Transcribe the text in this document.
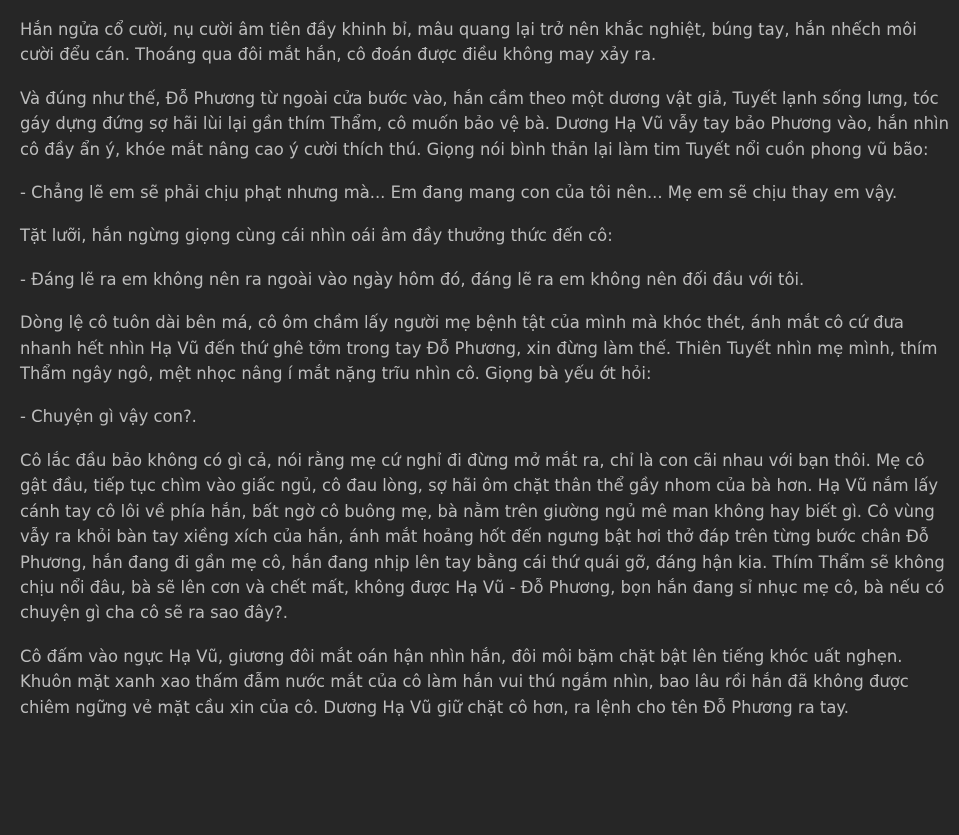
Hắn ngửa cổ cười, nụ cười âm tiên đầy khinh bỉ, mâu quang lại trở nên khắc nghiệt, búng tay, hắn nhếch môi cười đểu cán. Thoáng qua đôi mắt hắn, cô đoán được điều không may xảy ra.

Và đúng như thế, Đỗ Phương từ ngoài cửa bước vào, hắn cầm theo một dương vật giả, Tuyết lạnh sống lưng, tóc gáy dựng đứng sợ hãi lùi lại gần thím Thẩm, cô muốn bảo vệ bà. Dương Hạ Vũ vẫy tay bảo Phương vào, hắn nhìn cô đầy ẩn ý, khóe mắt nâng cao ý cười thích thú. Giọng nói bình thản lại làm tim Tuyết nổi cuồn phong vũ bão:

- Chẳng lẽ em sẽ phải chịu phạt nhưng mà... Em đang mang con của tôi nên... Mẹ em sẽ chịu thay em vậy.

Tặt lưỡi, hắn ngừng giọng cùng cái nhìn oái âm đầy thưởng thức đến cô:

- Đáng lẽ ra em không nên ra ngoài vào ngày hôm đó, đáng lẽ ra em không nên đối đầu với tôi.

Dòng lệ cô tuôn dài bên má, cô ôm chầm lấy người mẹ bệnh tật của mình mà khóc thét, ánh mắt cô cứ đưa nhanh hết nhìn Hạ Vũ đến thứ ghê tởm trong tay Đỗ Phương, xin đừng làm thế. Thiên Tuyết nhìn mẹ mình, thím Thẩm ngây ngô, mệt nhọc nâng í mắt nặng trĩu nhìn cô. Giọng bà yếu ớt hỏi:

- Chuyện gì vậy con?.

Cô lắc đầu bảo không có gì cả, nói rằng mẹ cứ nghỉ đi đừng mở mắt ra, chỉ là con cãi nhau với bạn thôi. Mẹ cô gật đầu, tiếp tục chìm vào giấc ngủ, cô đau lòng, sợ hãi ôm chặt thân thể gầy nhom của bà hơn. Hạ Vũ nắm lấy cánh tay cô lôi về phía hắn, bất ngờ cô buông mẹ, bà nằm trên giường ngủ mê man không hay biết gì. Cô vùng vẫy ra khỏi bàn tay xiềng xích của hắn, ánh mắt hoảng hốt đến ngưng bật hơi thở đáp trên từng bước chân Đỗ Phương, hắn đang đi gần mẹ cô, hắn đang nhịp lên tay bằng cái thứ quái gỡ, đáng hận kia. Thím Thẩm sẽ không chịu nổi đâu, bà sẽ lên cơn và chết mất, không được Hạ Vũ - Đỗ Phương, bọn hắn đang sỉ nhục mẹ cô, bà nếu có chuyện gì cha cô sẽ ra sao đây?.

Cô đấm vào ngực Hạ Vũ, giương đôi mắt oán hận nhìn hắn, đôi môi bặm chặt bật lên tiếng khóc uất nghẹn. Khuôn mặt xanh xao thấm đẫm nước mắt của cô làm hắn vui thú ngắm nhìn, bao lâu rồi hắn đã không được chiêm ngững vẻ mặt cầu xin của cô. Dương Hạ Vũ giữ chặt cô hơn, ra lệnh cho tên Đỗ Phương ra tay.
